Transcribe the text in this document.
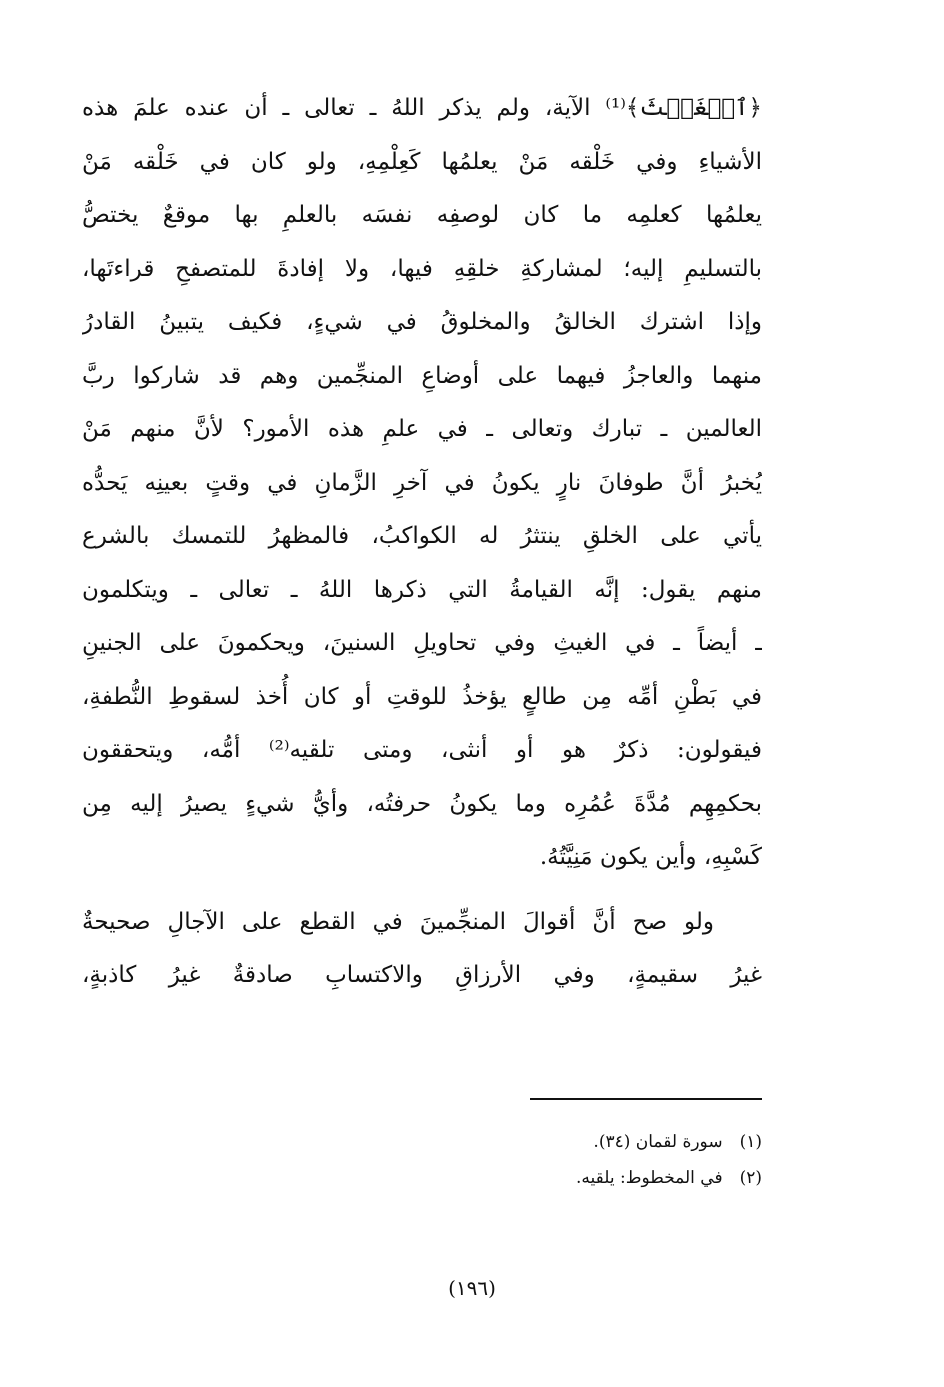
﴿ٱلۡغَيۡثَ﴾⁽¹⁾ الآية، ولم يذكر اللهُ ـ تعالى ـ أن عنده علمَ هذه
الأشياءِ وفي خَلْقه مَنْ يعلمُها كَعِلْمِهِ، ولو كان في خَلْقه مَنْ
يعلمُها كعلمِه ما كان لوصفِه نفسَه بالعلمِ بها موقعٌ يختصُّ
بالتسليمِ إليه؛ لمشاركةِ خلقِهِ فيها، ولا إفادةَ للمتصفحِ قراءتَها،
وإذا اشترك الخالقُ والمخلوقُ في شيءٍ، فكيف يتبينُ القادرُ
منهما والعاجزُ فيهما على أوضاعِ المنجِّمين وهم قد شاركوا ربَّ
العالمين ـ تبارك وتعالى ـ في علمِ هذه الأمور؟ لأنَّ منهم مَنْ
يُخبرُ أنَّ طوفانَ نارٍ يكونُ في آخرِ الزَّمانِ في وقتٍ بعينِه يَحدُّه
يأتي على الخلقِ ينتثرُ له الكواكبُ، فالمظهرُ للتمسك بالشرع
منهم يقول: إنَّه القيامةُ التي ذكرها اللهُ ـ تعالى ـ ويتكلمون
ـ أيضاً ـ في الغيثِ وفي تحاويلِ السنينَ، ويحكمونَ على الجنينِ
في بَطْنِ أمِّه مِن طالعٍ يؤخذُ للوقتِ أو كان أُخذ لسقوطِ النُّطفةِ،
فيقولون: ذكرٌ هو أو أنثى، ومتى تلقيه⁽²⁾ أمُّه، ويتحققون
بحكمِهِم مُدَّةَ عُمُرِه وما يكونُ حرفتُه، وأيُّ شيءٍ يصيرُ إليه مِن
كَسْبِهِ، وأين يكون مَنِيَّتُهُ.
ولو صح أنَّ أقوالَ المنجِّمينَ في القطع على الآجالِ صحيحةٌ
غيرُ سقيمةٍ، وفي الأرزاقِ والاكتسابِ صادقةٌ غيرُ كاذبةٍ،
(١) سورة لقمان (٣٤).
(٢) في المخطوط: يلقيه.
(١٩٦)
